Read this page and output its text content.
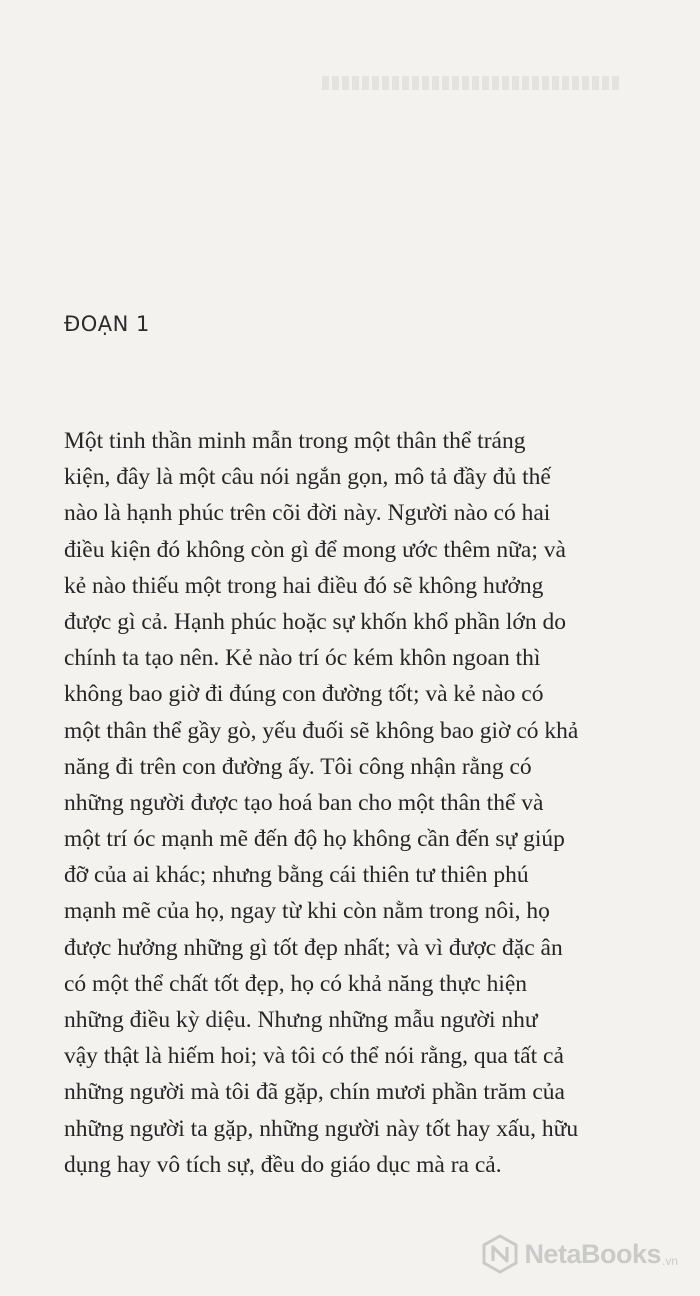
ĐOẠN 1
Một tinh thần minh mẫn trong một thân thể tráng
kiện, đây là một câu nói ngắn gọn, mô tả đầy đủ thế
nào là hạnh phúc trên cõi đời này. Người nào có hai
điều kiện đó không còn gì để mong ước thêm nữa; và
kẻ nào thiếu một trong hai điều đó sẽ không hưởng
được gì cả. Hạnh phúc hoặc sự khốn khổ phần lớn do
chính ta tạo nên. Kẻ nào trí óc kém khôn ngoan thì
không bao giờ đi đúng con đường tốt; và kẻ nào có
một thân thể gầy gò, yếu đuối sẽ không bao giờ có khả
năng đi trên con đường ấy. Tôi công nhận rằng có
những người được tạo hoá ban cho một thân thể và
một trí óc mạnh mẽ đến độ họ không cần đến sự giúp
đỡ của ai khác; nhưng bằng cái thiên tư thiên phú
mạnh mẽ của họ, ngay từ khi còn nằm trong nôi, họ
được hưởng những gì tốt đẹp nhất; và vì được đặc ân
có một thể chất tốt đẹp, họ có khả năng thực hiện
những điều kỳ diệu. Nhưng những mẫu người như
vậy thật là hiếm hoi; và tôi có thể nói rằng, qua tất cả
những người mà tôi đã gặp, chín mươi phần trăm của
những người ta gặp, những người này tốt hay xấu, hữu
dụng hay vô tích sự, đều do giáo dục mà ra cả.
NetaBooks .vn
